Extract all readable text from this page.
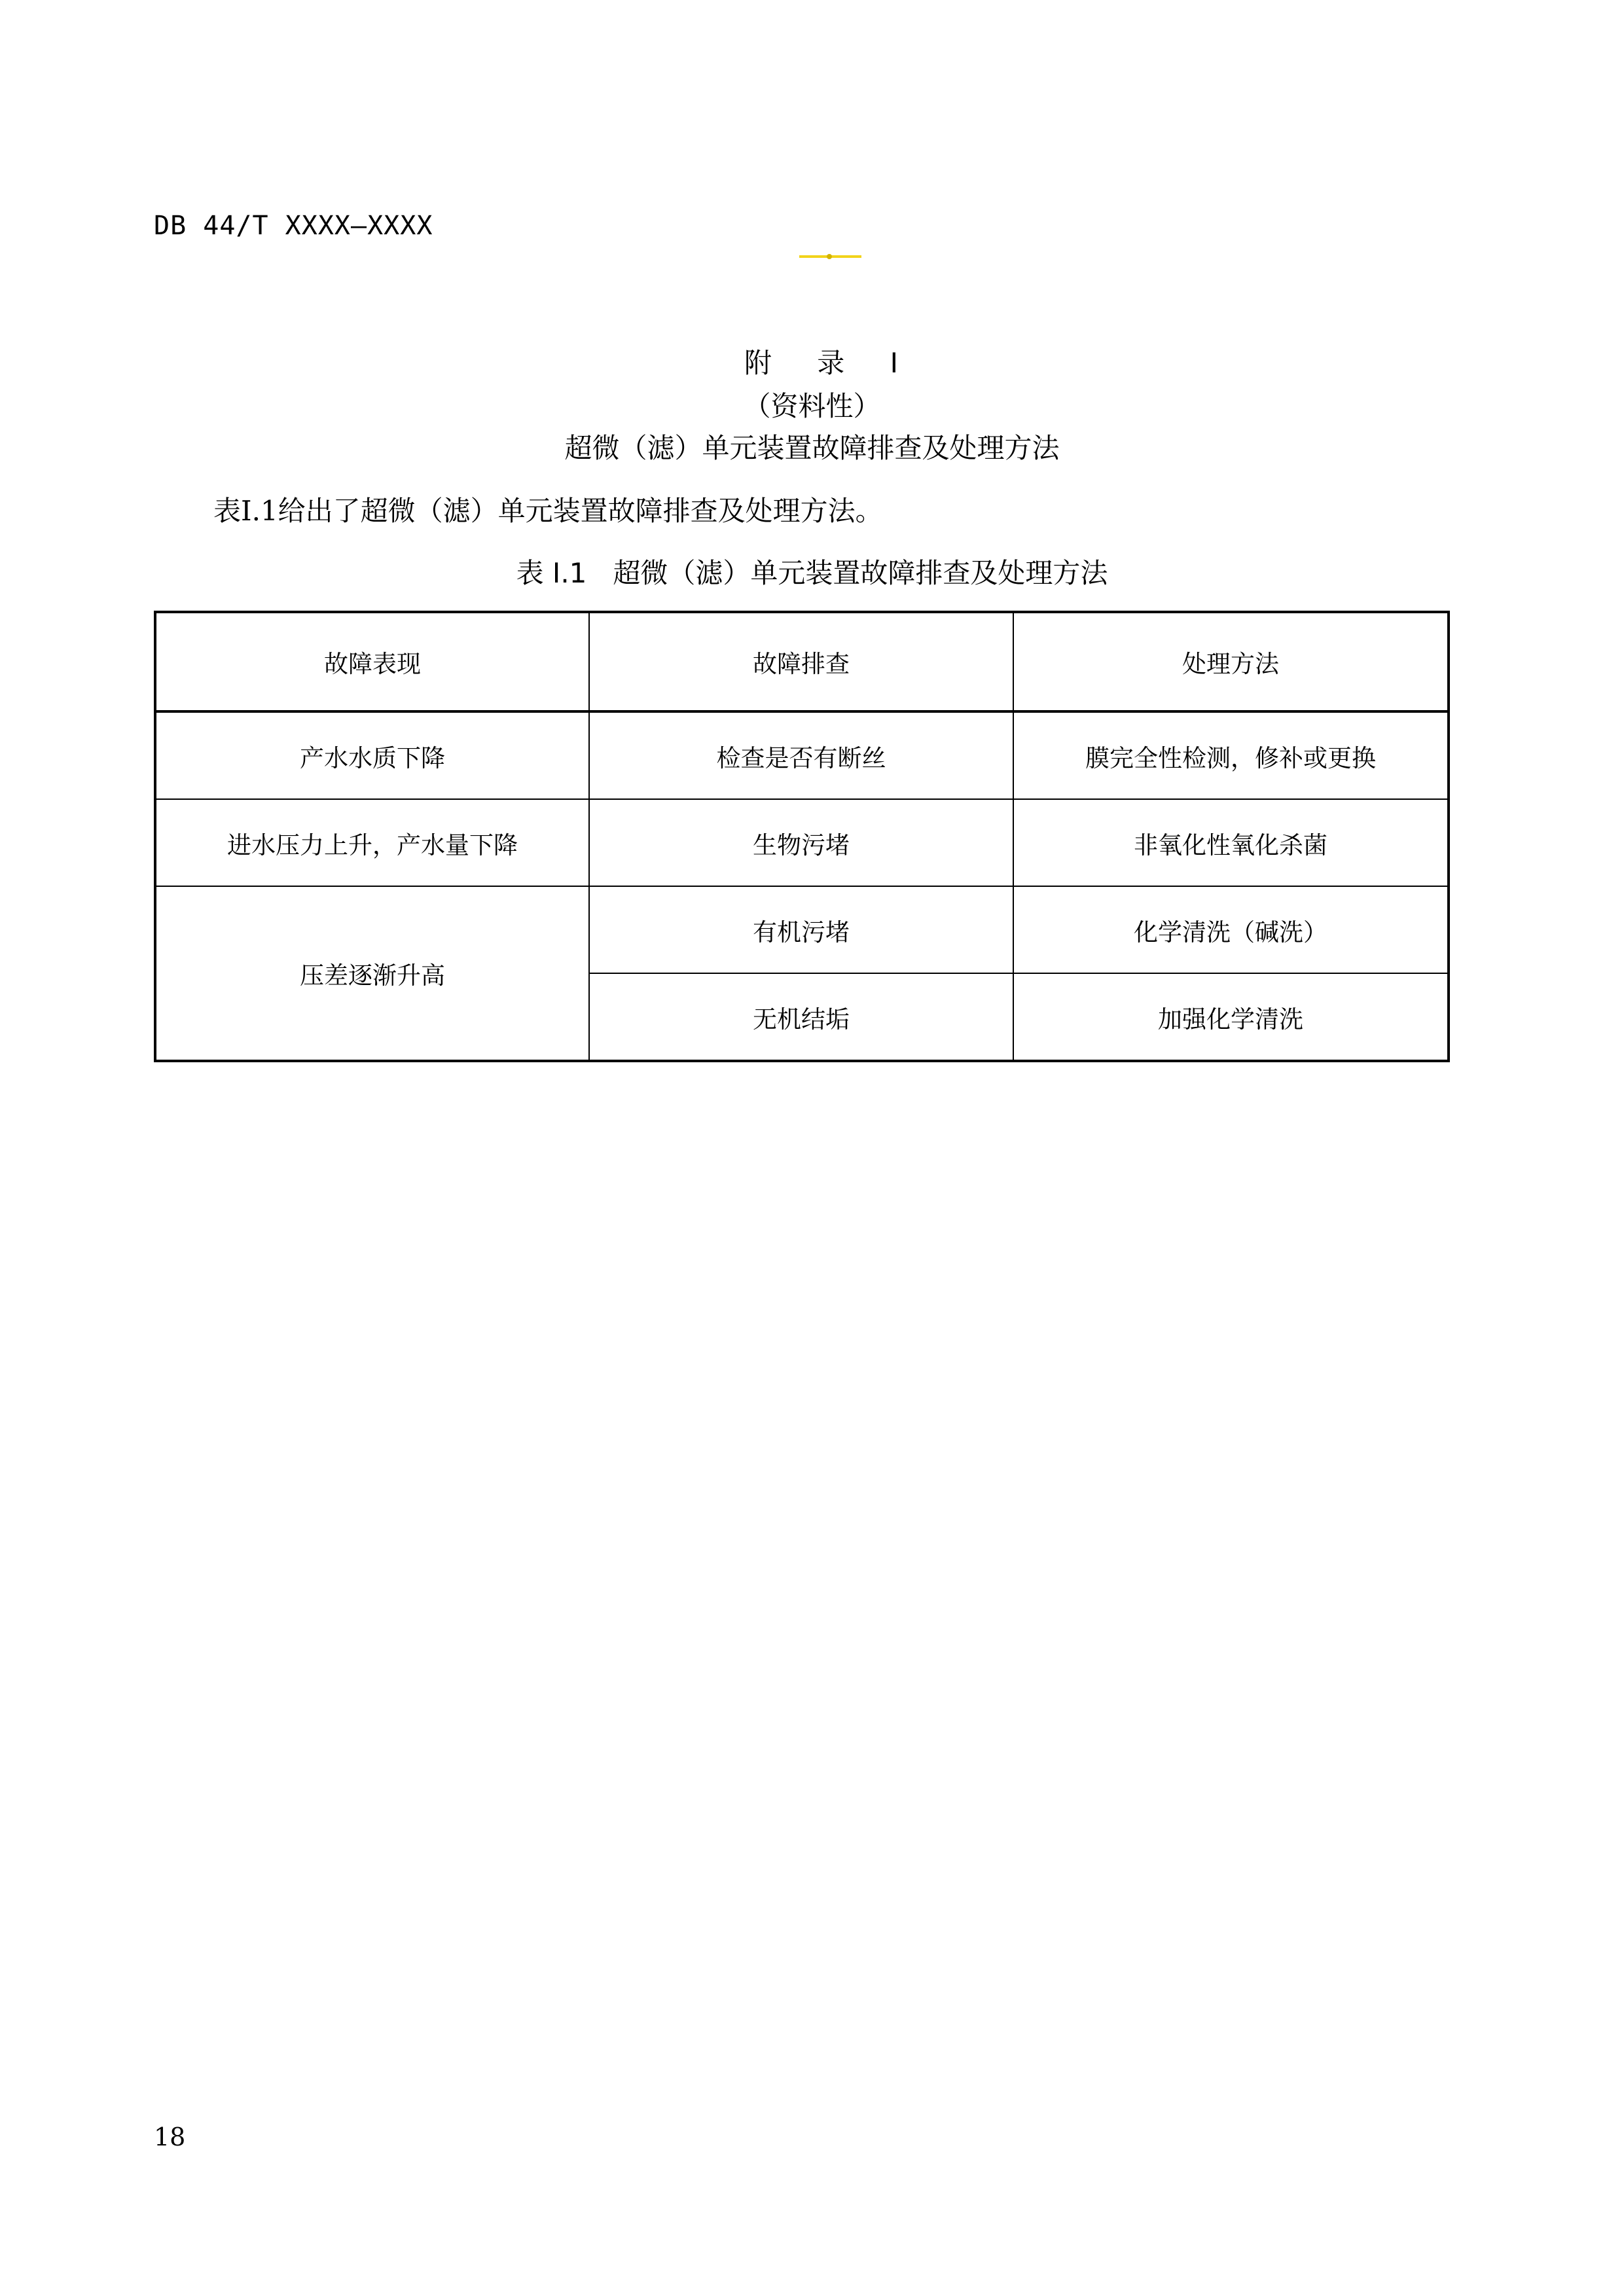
DB 44/T XXXX—XXXX
附 录 I
（资料性）
超微（滤）单元装置故障排查及处理方法
表I.1给出了超微（滤）单元装置故障排查及处理方法。
表 I.1 超微（滤）单元装置故障排查及处理方法
故障表现	故障排查	处理方法
产水水质下降	检查是否有断丝	膜完全性检测，修补或更换
进水压力上升，产水量下降	生物污堵	非氧化性氧化杀菌
压差逐渐升高	有机污堵	化学清洗（碱洗）
	无机结垢	加强化学清洗
18
